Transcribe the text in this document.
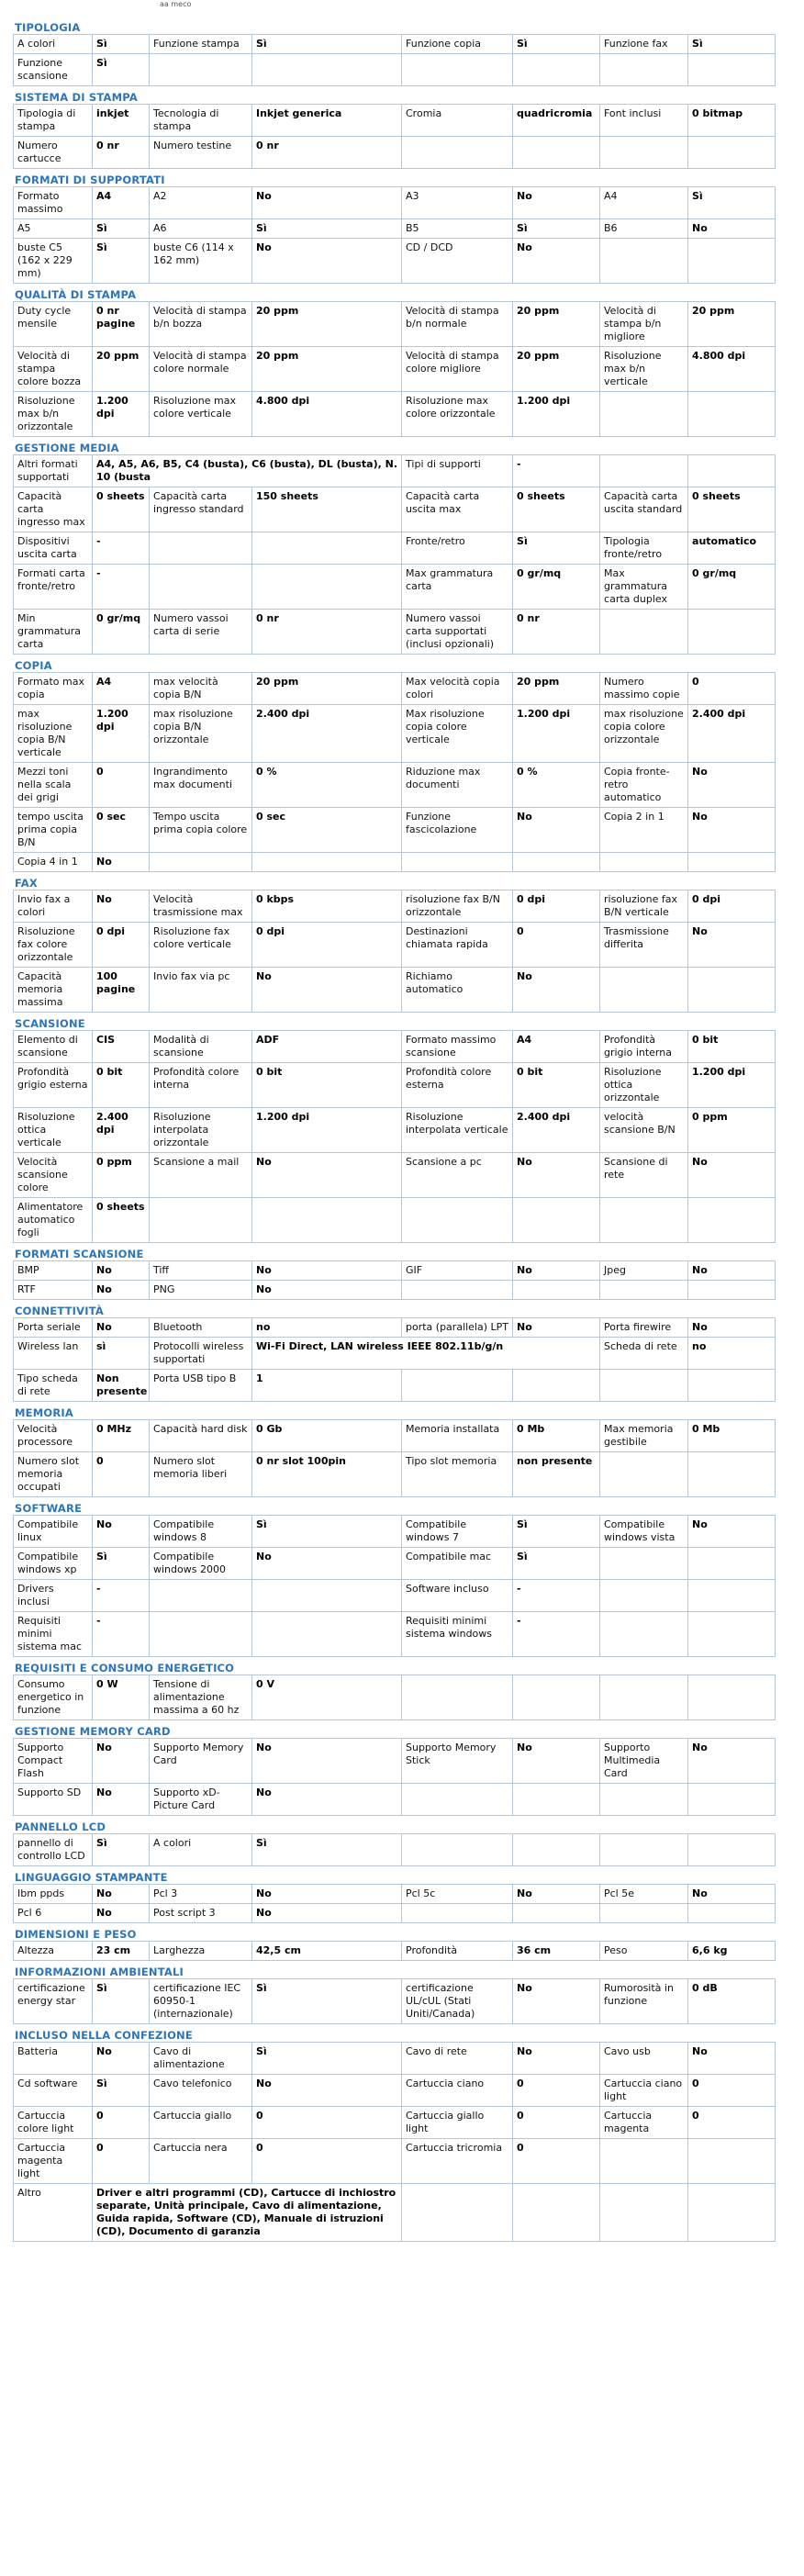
aa meco
TIPOLOGIA
A colori	Sì	Funzione stampa	Sì	Funzione copia	Sì	Funzione fax	Sì
Funzione scansione	Sì						
SISTEMA DI STAMPA
Tipologia di stampa	inkjet	Tecnologia di stampa	Inkjet generica	Cromia	quadricromia	Font inclusi	0 bitmap
Numero cartucce	0 nr	Numero testine	0 nr				
FORMATI DI SUPPORTATI
Formato massimo	A4	A2	No	A3	No	A4	Sì
A5	Sì	A6	Sì	B5	Sì	B6	No
buste C5 (162 x 229 mm)	Sì	buste C6 (114 x 162 mm)	No	CD / DCD	No		
QUALITÀ DI STAMPA
Duty cycle mensile	0 nr pagine	Velocità di stampa b/n bozza	20 ppm	Velocità di stampa b/n normale	20 ppm	Velocità di stampa b/n migliore	20 ppm
Velocità di stampa colore bozza	20 ppm	Velocità di stampa colore normale	20 ppm	Velocità di stampa colore migliore	20 ppm	Risoluzione max b/n verticale	4.800 dpi
Risoluzione max b/n orizzontale	1.200 dpi	Risoluzione max colore verticale	4.800 dpi	Risoluzione max colore orizzontale	1.200 dpi		
GESTIONE MEDIA
Altri formati supportati	A4, A5, A6, B5, C4 (busta), C6 (busta), DL (busta), N. 10 (busta			Tipi di supporti	-		
Capacità carta ingresso max	0 sheets	Capacità carta ingresso standard	150 sheets	Capacità carta uscita max	0 sheets	Capacità carta uscita standard	0 sheets
Dispositivi uscita carta	-			Fronte/retro	Sì	Tipologia fronte/retro	automatico
Formati carta fronte/retro	-			Max grammatura carta	0 gr/mq	Max grammatura carta duplex	0 gr/mq
Min grammatura carta	0 gr/mq	Numero vassoi carta di serie	0 nr	Numero vassoi carta supportati (inclusi opzionali)	0 nr		
COPIA
Formato max copia	A4	max velocità copia B/N	20 ppm	Max velocità copia colori	20 ppm	Numero massimo copie	0
max risoluzione copia B/N verticale	1.200 dpi	max risoluzione copia B/N orizzontale	2.400 dpi	Max risoluzione copia colore verticale	1.200 dpi	max risoluzione copia colore orizzontale	2.400 dpi
Mezzi toni nella scala dei grigi	0	Ingrandimento max documenti	0 %	Riduzione max documenti	0 %	Copia fronte-retro automatico	No
tempo uscita prima copia B/N	0 sec	Tempo uscita prima copia colore	0 sec	Funzione fascicolazione	No	Copia 2 in 1	No
Copia 4 in 1	No						
FAX
Invio fax a colori	No	Velocità trasmissione max	0 kbps	risoluzione fax B/N orizzontale	0 dpi	risoluzione fax B/N verticale	0 dpi
Risoluzione fax colore orizzontale	0 dpi	Risoluzione fax colore verticale	0 dpi	Destinazioni chiamata rapida	0	Trasmissione differita	No
Capacità memoria massima	100 pagine	Invio fax via pc	No	Richiamo automatico	No		
SCANSIONE
Elemento di scansione	CIS	Modalità di scansione	ADF	Formato massimo scansione	A4	Profondità grigio interna	0 bit
Profondità grigio esterna	0 bit	Profondità colore interna	0 bit	Profondità colore esterna	0 bit	Risoluzione ottica orizzontale	1.200 dpi
Risoluzione ottica verticale	2.400 dpi	Risoluzione interpolata orizzontale	1.200 dpi	Risoluzione interpolata verticale	2.400 dpi	velocità scansione B/N	0 ppm
Velocità scansione colore	0 ppm	Scansione a mail	No	Scansione a pc	No	Scansione di rete	No
Alimentatore automatico fogli	0 sheets						
FORMATI SCANSIONE
BMP	No	Tiff	No	GIF	No	Jpeg	No
RTF	No	PNG	No				
CONNETTIVITÀ
Porta seriale	No	Bluetooth	no	porta (parallela) LPT	No	Porta firewire	No
Wireless lan	sì	Protocolli wireless supportati	Wi-Fi Direct, LAN wireless IEEE 802.11b/g/n			Scheda di rete	no
Tipo scheda di rete	Non presente	Porta USB tipo B	1				
MEMORIA
Velocità processore	0 MHz	Capacità hard disk	0 Gb	Memoria installata	0 Mb	Max memoria gestibile	0 Mb
Numero slot memoria occupati	0	Numero slot memoria liberi	0 nr slot 100pin	Tipo slot memoria	non presente		
SOFTWARE
Compatibile linux	No	Compatibile windows 8	Sì	Compatibile windows 7	Sì	Compatibile windows vista	No
Compatibile windows xp	Sì	Compatibile windows 2000	No	Compatibile mac	Sì		
Drivers inclusi	-			Software incluso	-		
Requisiti minimi sistema mac	-			Requisiti minimi sistema windows	-		
REQUISITI E CONSUMO ENERGETICO
Consumo energetico in funzione	0 W	Tensione di alimentazione massima a 60 hz	0 V				
GESTIONE MEMORY CARD
Supporto Compact Flash	No	Supporto Memory Card	No	Supporto Memory Stick	No	Supporto Multimedia Card	No
Supporto SD	No	Supporto xD-Picture Card	No				
PANNELLO LCD
pannello di controllo LCD	Sì	A colori	Sì				
LINGUAGGIO STAMPANTE
Ibm ppds	No	Pcl 3	No	Pcl 5c	No	Pcl 5e	No
Pcl 6	No	Post script 3	No				
DIMENSIONI E PESO
Altezza	23 cm	Larghezza	42,5 cm	Profondità	36 cm	Peso	6,6 kg
INFORMAZIONI AMBIENTALI
certificazione energy star	Sì	certificazione IEC 60950-1 (internazionale)	Sì	certificazione UL/cUL (Stati Uniti/Canada)	No	Rumorosità in funzione	0 dB
INCLUSO NELLA CONFEZIONE
Batteria	No	Cavo di alimentazione	Sì	Cavo di rete	No	Cavo usb	No
Cd software	Sì	Cavo telefonico	No	Cartuccia ciano	0	Cartuccia ciano light	0
Cartuccia colore light	0	Cartuccia giallo	0	Cartuccia giallo light	0	Cartuccia magenta	0
Cartuccia magenta light	0	Cartuccia nera	0	Cartuccia tricromia	0		
Altro	Driver e altri programmi (CD), Cartucce di inchiostro separate, Unità principale, Cavo di alimentazione, Guida rapida, Software (CD), Manuale di istruzioni (CD), Documento di garanzia						
